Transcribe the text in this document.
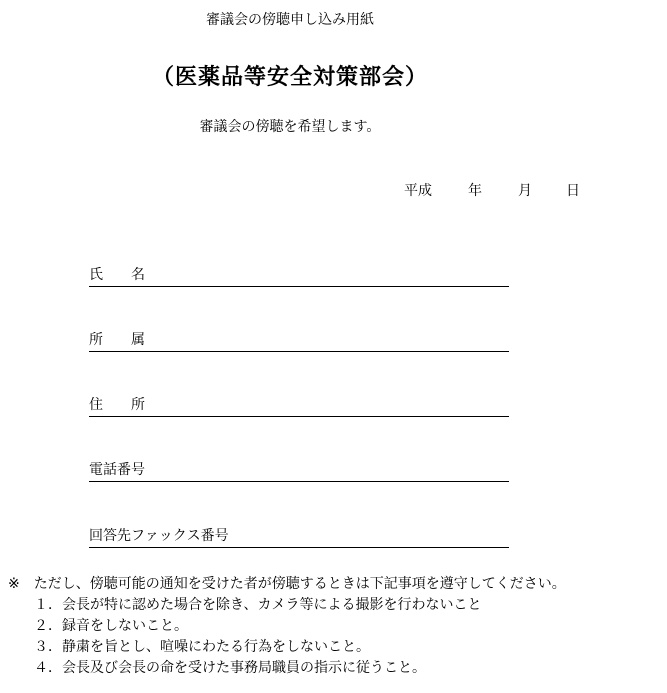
審議会の傍聴申し込み用紙
（医薬品等安全対策部会）
審議会の傍聴を希望します。
平成	年	月 日
氏　　名
所　　属
住　　所
電話番号
回答先ファックス番号
※　ただし、傍聴可能の通知を受けた者が傍聴するときは下記事項を遵守してください。
１．会長が特に認めた場合を除き、カメラ等による撮影を行わないこと
２．録音をしないこと。
３．静粛を旨とし、喧噪にわたる行為をしないこと。
４．会長及び会長の命を受けた事務局職員の指示に従うこと。
